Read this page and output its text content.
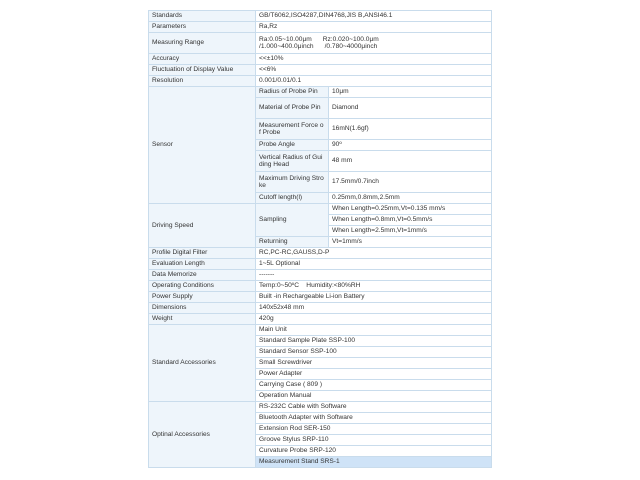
Standards	GB/T6062,ISO4287,DIN4768,JIS B,ANSI46.1	
Parameters	Ra,Rz	
Measuring Range	Ra:0.05~10.00μm      Rz:0.020~100.0μm
/1.000~400.0μinch      /0.780~4000μinch	

Accuracy	<<±10%	
Fluctuation of Display Value	<<6%	
Resolution	0.001/0.01/0.1	
Sensor	Radius of Probe Pin	10μm
	Material of Probe Pin	Diamond
	Measurement Force of Probe	16mN(1.6gf)
	Probe Angle	90º
	Vertical Radius of Guiding Head	48 mm
	Maximum Driving Stroke	17.5mm/0.7inch
	Cutoff length(l)	0.25mm,0.8mm,2.5mm
Driving Speed	Sampling	When Length=0.25mm,Vt=0.135 mm/s
		When Length=0.8mm,Vt=0.5mm/s
		When Length=2.5mm,Vt=1mm/s
	Returning	Vt=1mm/s
Profile Digital Filter	RC,PC-RC,GAUSS,D-P	
Evaluation Length	1~5L Optional	
Data Memorize	-------	
Operating Conditions	Temp:0~50ºC    Humidity:<80%RH	
Power Supply	Built -in Rechargeable Li-ion Battery	
Dimensions	140x52x48 mm	
Weight	420g	
Standard Accessories	Main Unit	
	Standard Sample Plate SSP-100	
	Standard Sensor SSP-100	
	Small Screwdriver	
	Power Adapter	
	Carrying Case ( 809 )	
	Operation Manual	
Optinal Accessories	RS-232C Cable with Software	
	Bluetooth Adapter with Software	
	Extension Rod SER-150	
	Groove Stylus SRP-110	
	Curvature Probe SRP-120	
	Measurement Stand SRS-1	
